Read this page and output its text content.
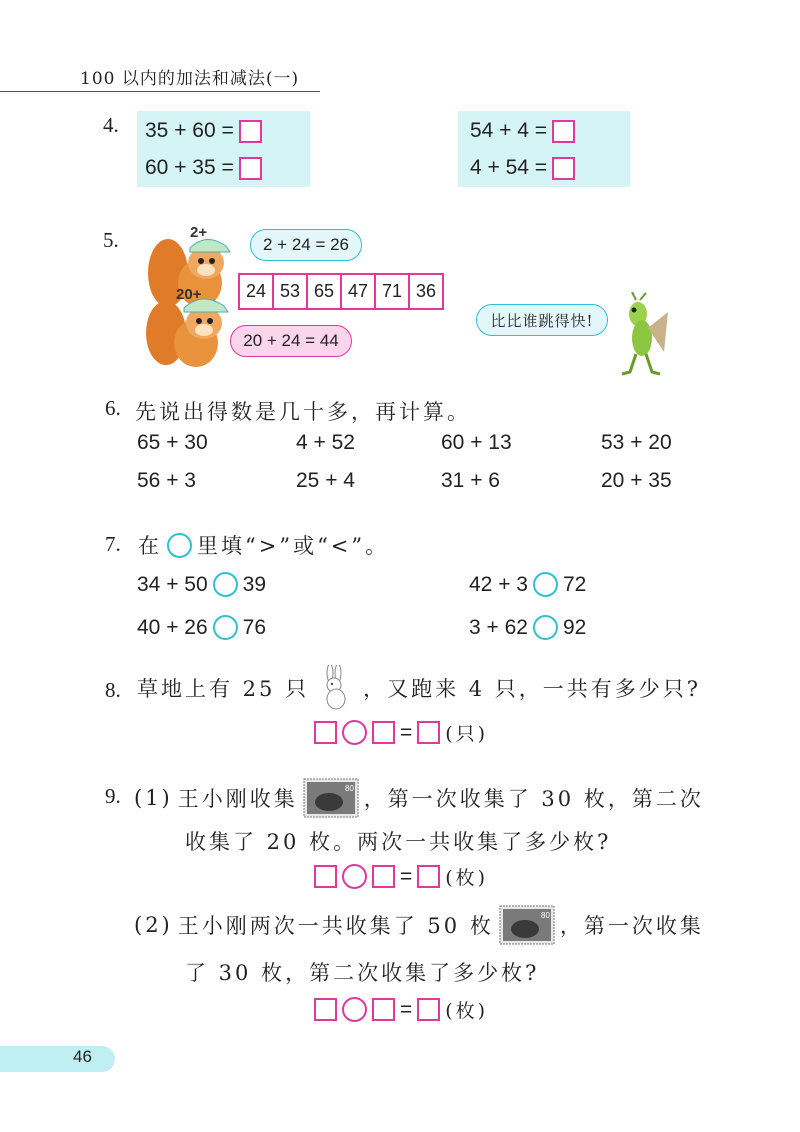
100 以内的加法和减法(一)
4. 35 + 60 =
60 + 35 =
54 + 4 =
4 + 54 =
5.	2+
20+
2 + 24 = 26
20 + 24 = 44
24 53 65 47 71 36
比比谁跳得快!
6. 先说出得数是几十多，再计算。
65 + 30	4 + 52	60 + 13	53 + 20
56 + 3	25 + 4	31 + 6	20 + 35
7. 在 里填“>”或“<”。
34 + 50 39	42 + 3 72
40 + 26 76	3 + 62 92
8. 草地上有 25 只	，又跑来 4 只，一共有多少只?
= (只)
9. (1) 王小刚收集	80 ，第一次收集了 30 枚，第二次
收集了 20 枚。两次一共收集了多少枚?
= (枚)
(2) 王小刚两次一共收集了 50 枚	80 ，第一次收集
了 30 枚，第二次收集了多少枚?
= (枚)
46
